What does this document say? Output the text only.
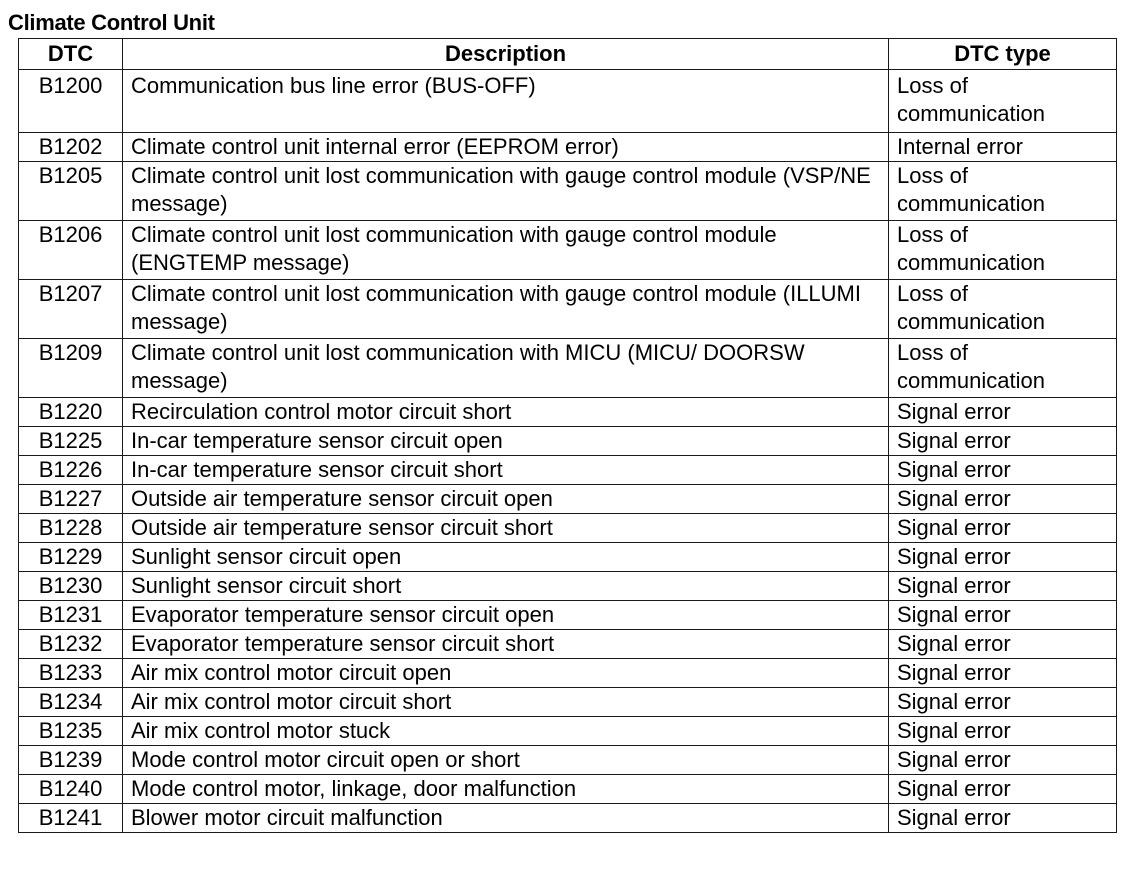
Climate Control Unit
DTC	Description	DTC type
B1200	Communication bus line error (BUS-OFF)	Loss of communication
B1202	Climate control unit internal error (EEPROM error)	Internal error
B1205	Climate control unit lost communication with gauge control module (VSP/NE message)	Loss of communication
B1206	Climate control unit lost communication with gauge control module (ENGTEMP message)	Loss of communication
B1207	Climate control unit lost communication with gauge control module (ILLUMI message)	Loss of communication
B1209	Climate control unit lost communication with MICU (MICU/ DOORSW message)	Loss of communication
B1220	Recirculation control motor circuit short	Signal error
B1225	In-car temperature sensor circuit open	Signal error
B1226	In-car temperature sensor circuit short	Signal error
B1227	Outside air temperature sensor circuit open	Signal error
B1228	Outside air temperature sensor circuit short	Signal error
B1229	Sunlight sensor circuit open	Signal error
B1230	Sunlight sensor circuit short	Signal error
B1231	Evaporator temperature sensor circuit open	Signal error
B1232	Evaporator temperature sensor circuit short	Signal error
B1233	Air mix control motor circuit open	Signal error
B1234	Air mix control motor circuit short	Signal error
B1235	Air mix control motor stuck	Signal error
B1239	Mode control motor circuit open or short	Signal error
B1240	Mode control motor, linkage, door malfunction	Signal error
B1241	Blower motor circuit malfunction	Signal error
